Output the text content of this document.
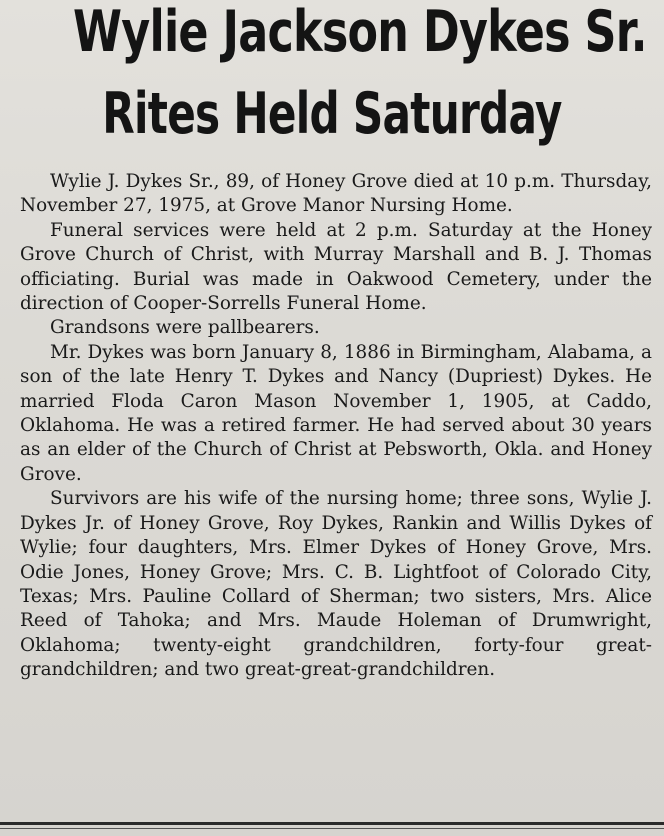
Wylie Jackson Dykes Sr.
Rites Held Saturday

Wylie J. Dykes Sr., 89, of Honey Grove died at 10 p.m. Thursday, November 27, 1975, at Grove Manor Nursing Home.

Funeral services were held at 2 p.m. Saturday at the Honey Grove Church of Christ, with Murray Marshall and B. J. Thomas officiating. Burial was made in Oakwood Cemetery, under the direction of Cooper-Sorrells Funeral Home.

Grandsons were pallbearers.

Mr. Dykes was born January 8, 1886 in Birmingham, Alabama, a son of the late Henry T. Dykes and Nancy (Dupriest) Dykes. He married Floda Caron Mason November 1, 1905, at Caddo, Oklahoma. He was a retired farmer. He had served about 30 years as an elder of the Church of Christ at Pebsworth, Okla. and Honey Grove.

Survivors are his wife of the nursing home; three sons, Wylie J. Dykes Jr. of Honey Grove, Roy Dykes, Rankin and Willis Dykes of Wylie; four daughters, Mrs. Elmer Dykes of Honey Grove, Mrs. Odie Jones, Honey Grove; Mrs. C. B. Lightfoot of Colorado City, Texas; Mrs. Pauline Collard of Sherman; two sisters, Mrs. Alice Reed of Tahoka; and Mrs. Maude Holeman of Drumwright, Oklahoma; twenty-eight grandchildren, forty-four great-grandchildren; and two great-great-grandchildren.
